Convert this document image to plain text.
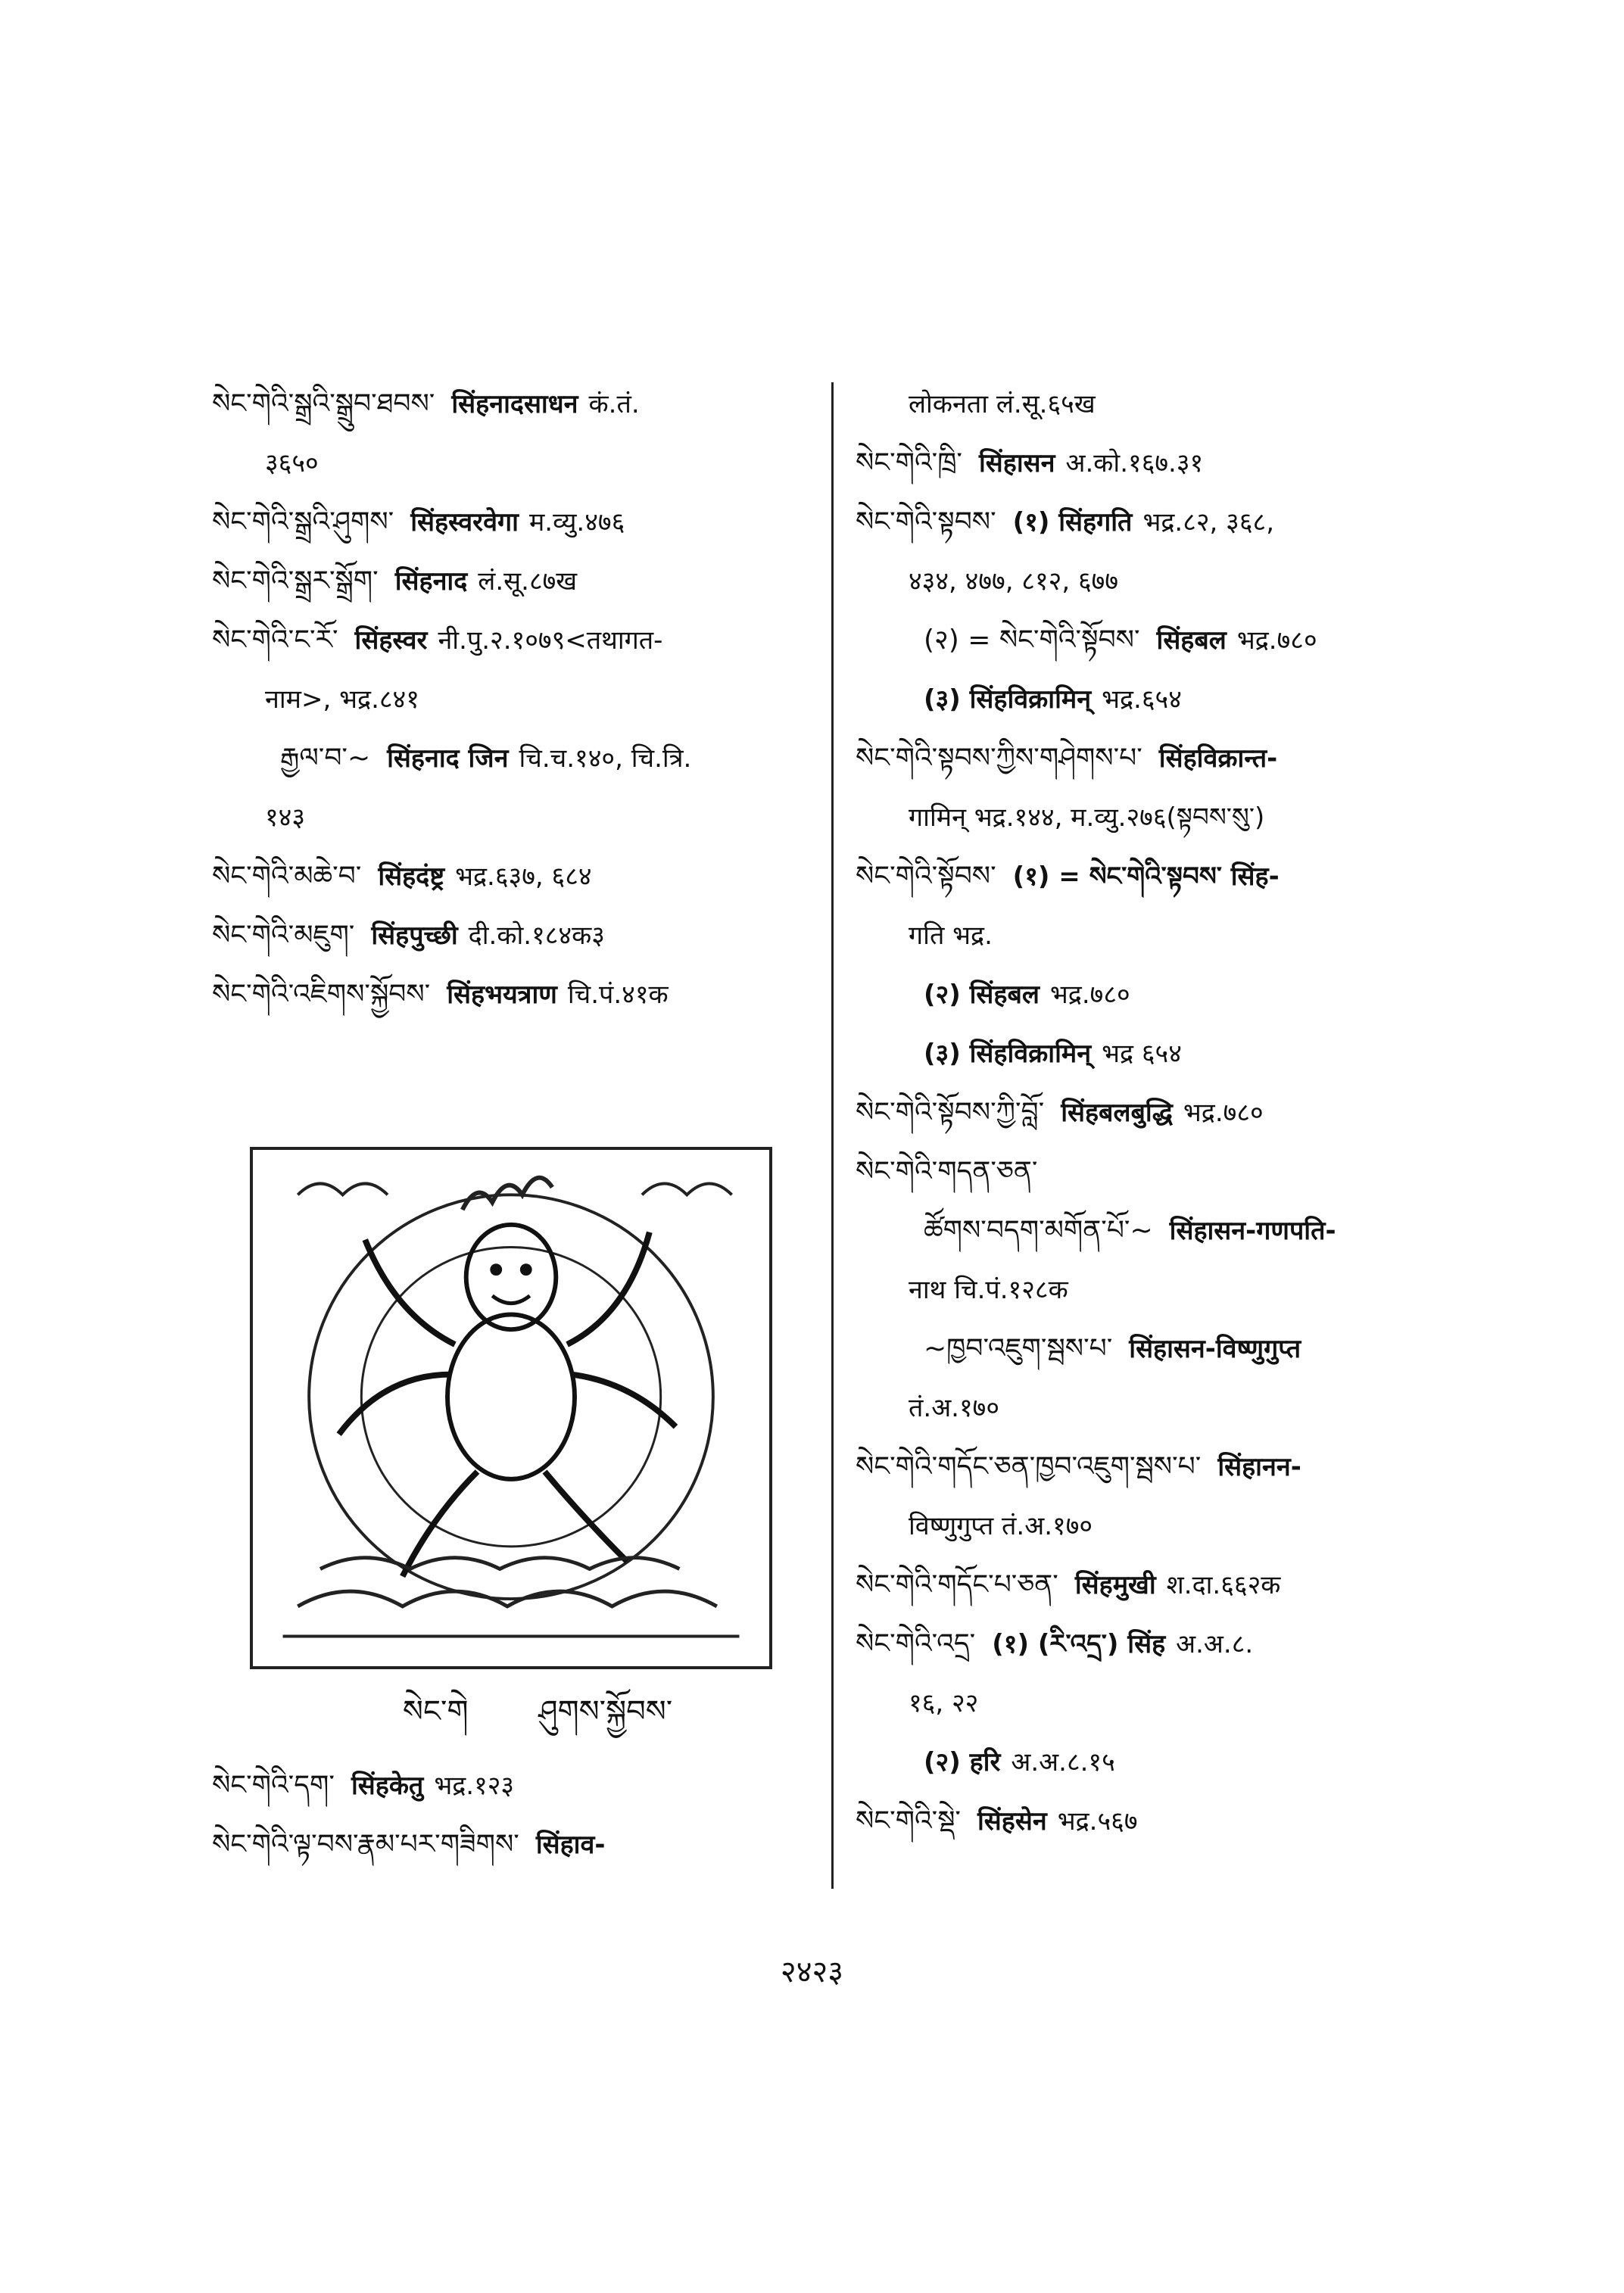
སེང་གེའི་སྒྲའི་སྒྲུབ་ཐབས་ सिंहनादसाधन कं.तं.
३६५०
སེང་གེའི་སྒྲའི་ཤུགས་ सिंहस्वरवेगा म.व्यु.४७६
སེང་གེའི་སྒྲར་སྒྲོག་ सिंहनाद लं.सू.८७ख
སེང་གེའི་ང་རོ་ सिंहस्वर नी.पु.२.१०७९<तथागत-
नाम>, भद्र.८४१
རྒྱལ་བ་~ सिंहनाद जिन चि.च.१४०, चि.त्रि.
१४३
སེང་གེའི་མཆེ་བ་ सिंहदंष्ट्र भद्र.६३७, ६८४
སེང་གེའི་མཇུག་ सिंहपुच्छी दी.को.१८४क३
སེང་གེའི་འཇིགས་སྐྱོབས་ सिंहभयत्राण चि.पं.४१क
लोकनता लं.सू.६५ख
སེང་གེའི་ཁྲི་ सिंहासन अ.को.१६७.३१
སེང་གེའི་སྟབས་ (१) सिंहगति भद्र.८२, ३६८,
४३४, ४७७, ८१२, ६७७
(२) = སེང་གེའི་སྟོབས་ सिंहबल भद्र.७८०
(३) सिंहविक्रामिन् भद्र.६५४
སེང་གེའི་སྟབས་ཀྱིས་གཤེགས་པ་ सिंहविक्रान्त-
गामिन् भद्र.१४४, म.व्यु.२७६(སྟབས་སུ་)
སེང་གེའི་སྟོབས་ (१) = སེང་གེའི་སྟབས་ सिंह-
गति भद्र.
(२) सिंहबल भद्र.७८०
(३) सिंहविक्रामिन् भद्र ६५४
སེང་གེའི་སྟོབས་ཀྱི་བློ་ सिंहबलबुद्धि भद्र.७८०
སེང་གེའི་གདན་ཅན་
ཚོགས་བདག་མགོན་པོ་~ सिंहासन-गणपति-
नाथ चि.पं.१२८क
~ཁྱབ་འཇུག་སྦས་པ་ सिंहासन-विष्णुगुप्त
तं.अ.१७०
སེང་གེའི་གདོང་ཅན་ཁྱབ་འཇུག་སྦས་པ་ सिंहानन-
विष्णुगुप्त तं.अ.१७०
སེང་གེའི་གདོང་པ་ཅན་ सिंहमुखी श.दा.६६२क
སེང་གེའི་འདྲ་ (१) (རི་འདྲ་) सिंह अ.अ.८.
१६, २२
(२) हरि अ.अ.८.१५
སེང་གེའི་སྡེ་ सिंहसेन भद्र.५६७
སེང་གེ ཤུགས་སྐྱོབས་
སེང་གེའི་དག་ सिंहकेतु भद्र.१२३
སེང་གེའི་ལྟ་བས་རྣམ་པར་གཟིགས་ सिंहाव-
२४२३
